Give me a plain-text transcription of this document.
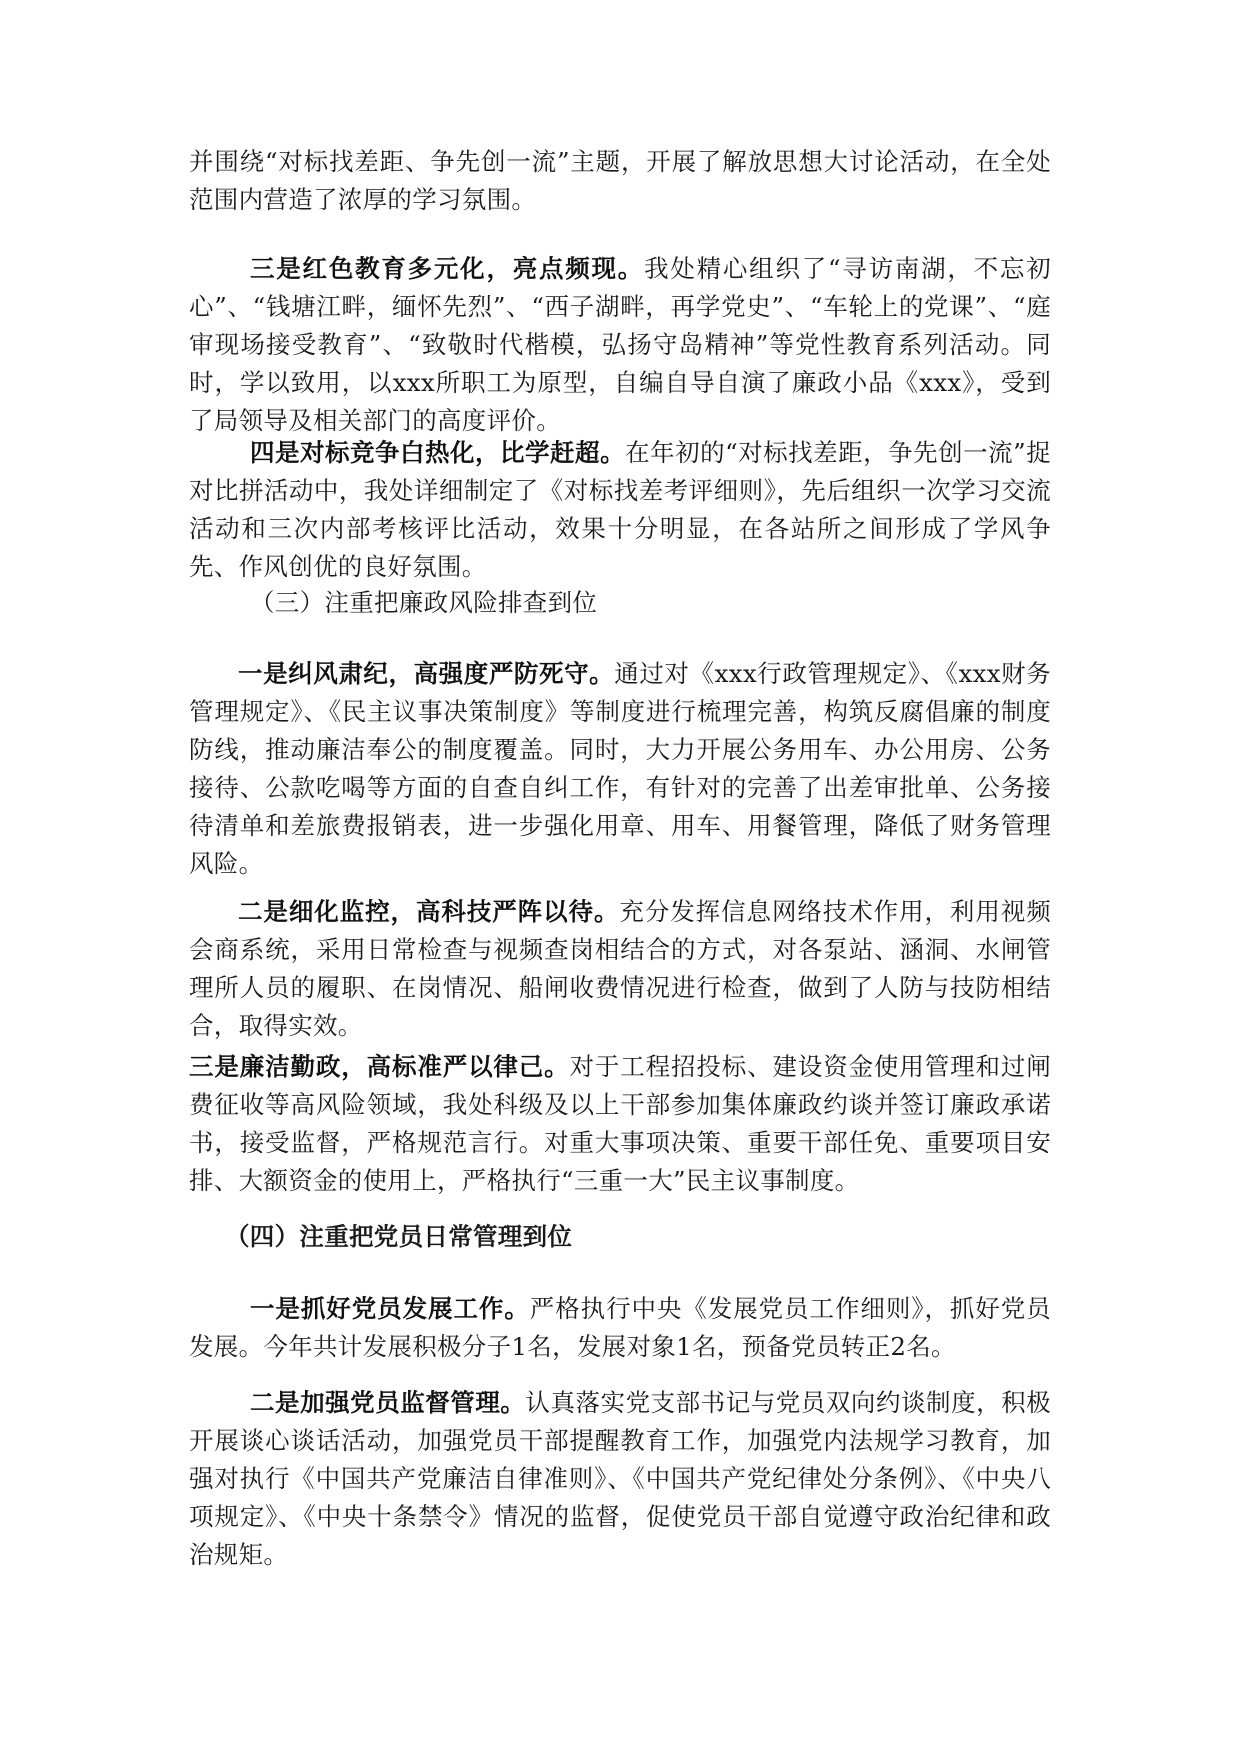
并围绕“对标找差距、争先创一流”主题，开展了解放思想大讨论活动，在全处范围内营造了浓厚的学习氛围。

三是红色教育多元化，亮点频现。我处精心组织了“寻访南湖，不忘初心”、“钱塘江畔，缅怀先烈”、“西子湖畔，再学党史”、“车轮上的党课”、“庭审现场接受教育”、“致敬时代楷模，弘扬守岛精神”等党性教育系列活动。同时，学以致用，以xxx所职工为原型，自编自导自演了廉政小品《xxx》，受到了局领导及相关部门的高度评价。

四是对标竞争白热化，比学赶超。在年初的“对标找差距，争先创一流”捉对比拼活动中，我处详细制定了《对标找差考评细则》，先后组织一次学习交流活动和三次内部考核评比活动，效果十分明显，在各站所之间形成了学风争先、作风创优的良好氛围。

（三）注重把廉政风险排查到位

一是纠风肃纪，高强度严防死守。通过对《xxx行政管理规定》、《xxx财务管理规定》、《民主议事决策制度》等制度进行梳理完善，构筑反腐倡廉的制度防线，推动廉洁奉公的制度覆盖。同时，大力开展公务用车、办公用房、公务接待、公款吃喝等方面的自查自纠工作，有针对的完善了出差审批单、公务接待清单和差旅费报销表，进一步强化用章、用车、用餐管理，降低了财务管理风险。

二是细化监控，高科技严阵以待。充分发挥信息网络技术作用，利用视频会商系统，采用日常检查与视频查岗相结合的方式，对各泵站、涵洞、水闸管理所人员的履职、在岗情况、船闸收费情况进行检查，做到了人防与技防相结合，取得实效。

三是廉洁勤政，高标准严以律己。对于工程招投标、建设资金使用管理和过闸费征收等高风险领域，我处科级及以上干部参加集体廉政约谈并签订廉政承诺书，接受监督，严格规范言行。对重大事项决策、重要干部任免、重要项目安排、大额资金的使用上，严格执行“三重一大”民主议事制度。

（四）注重把党员日常管理到位

一是抓好党员发展工作。严格执行中央《发展党员工作细则》，抓好党员发展。今年共计发展积极分子1名，发展对象1名，预备党员转正2名。

二是加强党员监督管理。认真落实党支部书记与党员双向约谈制度，积极开展谈心谈话活动，加强党员干部提醒教育工作，加强党内法规学习教育，加强对执行《中国共产党廉洁自律准则》、《中国共产党纪律处分条例》、《中央八项规定》、《中央十条禁令》情况的监督，促使党员干部自觉遵守政治纪律和政治规矩。
